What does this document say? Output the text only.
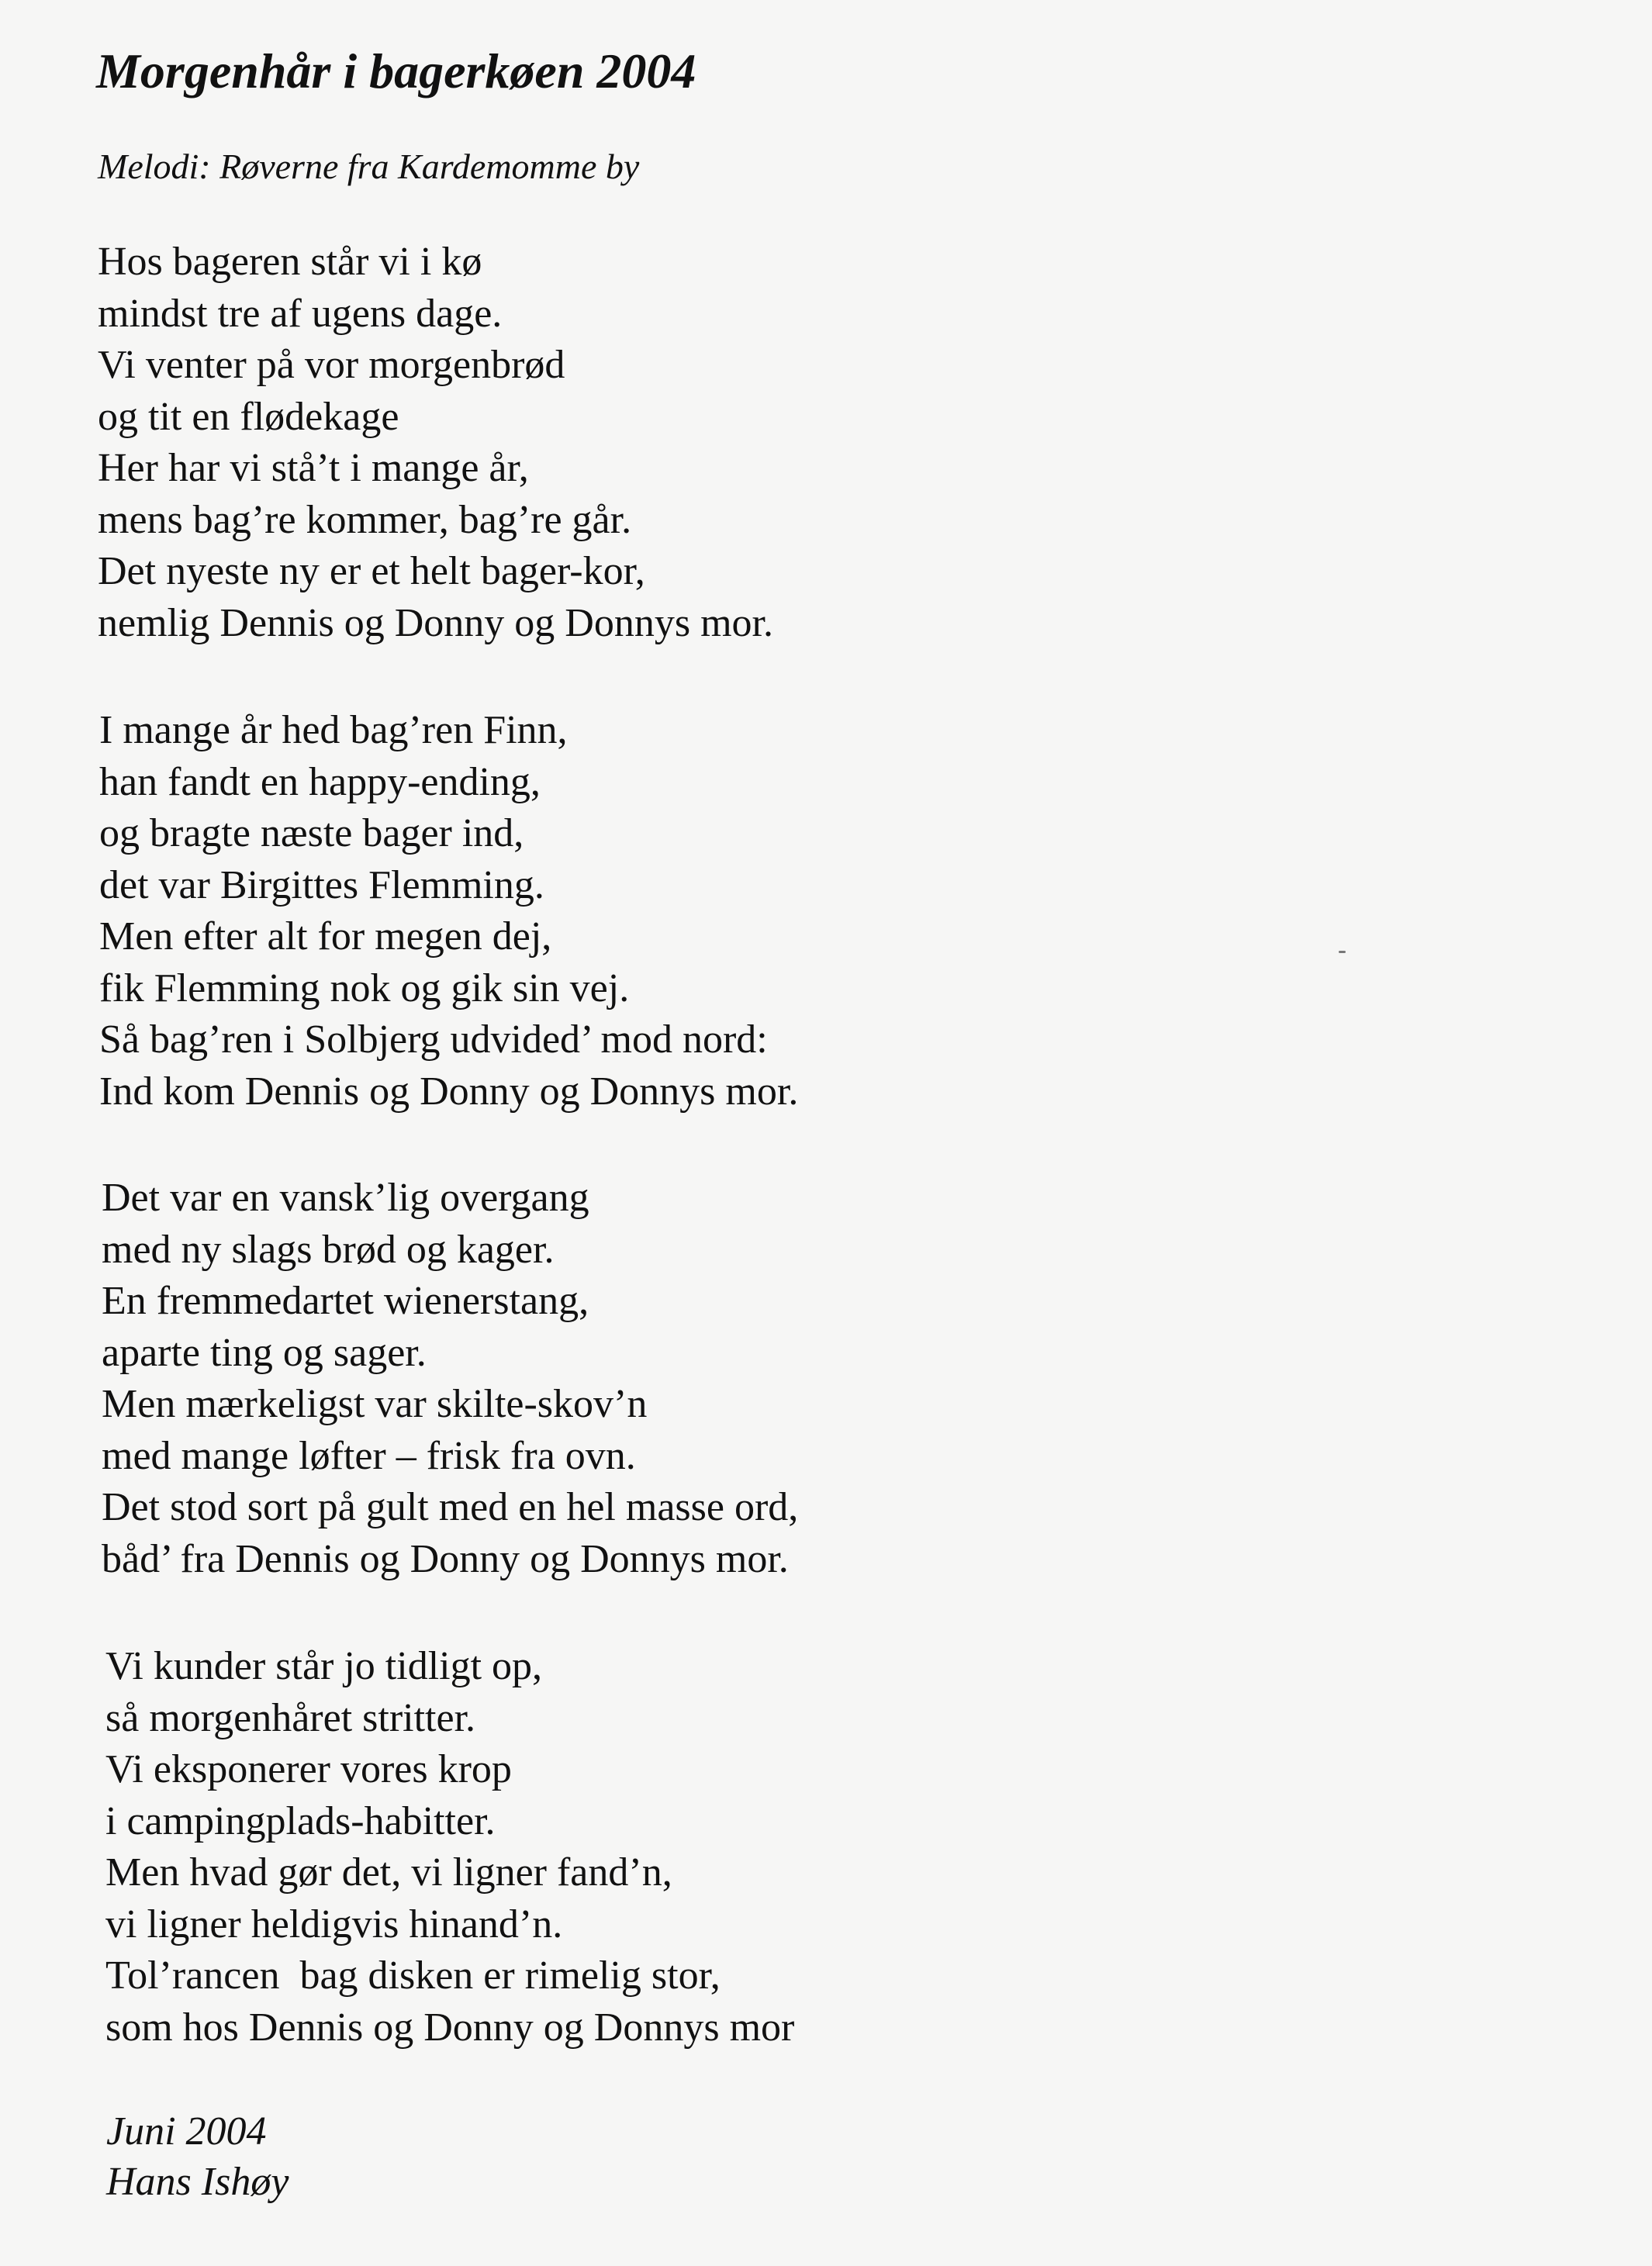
Morgenhår i bagerkøen 2004

Melodi: Røverne fra Kardemomme by

Hos bageren står vi i kø
mindst tre af ugens dage.
Vi venter på vor morgenbrød
og tit en flødekage
Her har vi stå’t i mange år,
mens bag’re kommer, bag’re går.
Det nyeste ny er et helt bager-kor,
nemlig Dennis og Donny og Donnys mor.
I mange år hed bag’ren Finn,
han fandt en happy-ending,
og bragte næste bager ind,
det var Birgittes Flemming.
Men efter alt for megen dej,
fik Flemming nok og gik sin vej.
Så bag’ren i Solbjerg udvided’ mod nord:
Ind kom Dennis og Donny og Donnys mor.
Det var en vansk’lig overgang
med ny slags brød og kager.
En fremmedartet wienerstang,
aparte ting og sager.
Men mærkeligst var skilte-skov’n
med mange løfter – frisk fra ovn.
Det stod sort på gult med en hel masse ord,
båd’ fra Dennis og Donny og Donnys mor.
Vi kunder står jo tidligt op,
så morgenhåret stritter.
Vi eksponerer vores krop
i campingplads-habitter.
Men hvad gør det, vi ligner fand’n,
vi ligner heldigvis hinand’n.
Tol’rancen  bag disken er rimelig stor,
som hos Dennis og Donny og Donnys mor
Juni 2004
Hans Ishøy
